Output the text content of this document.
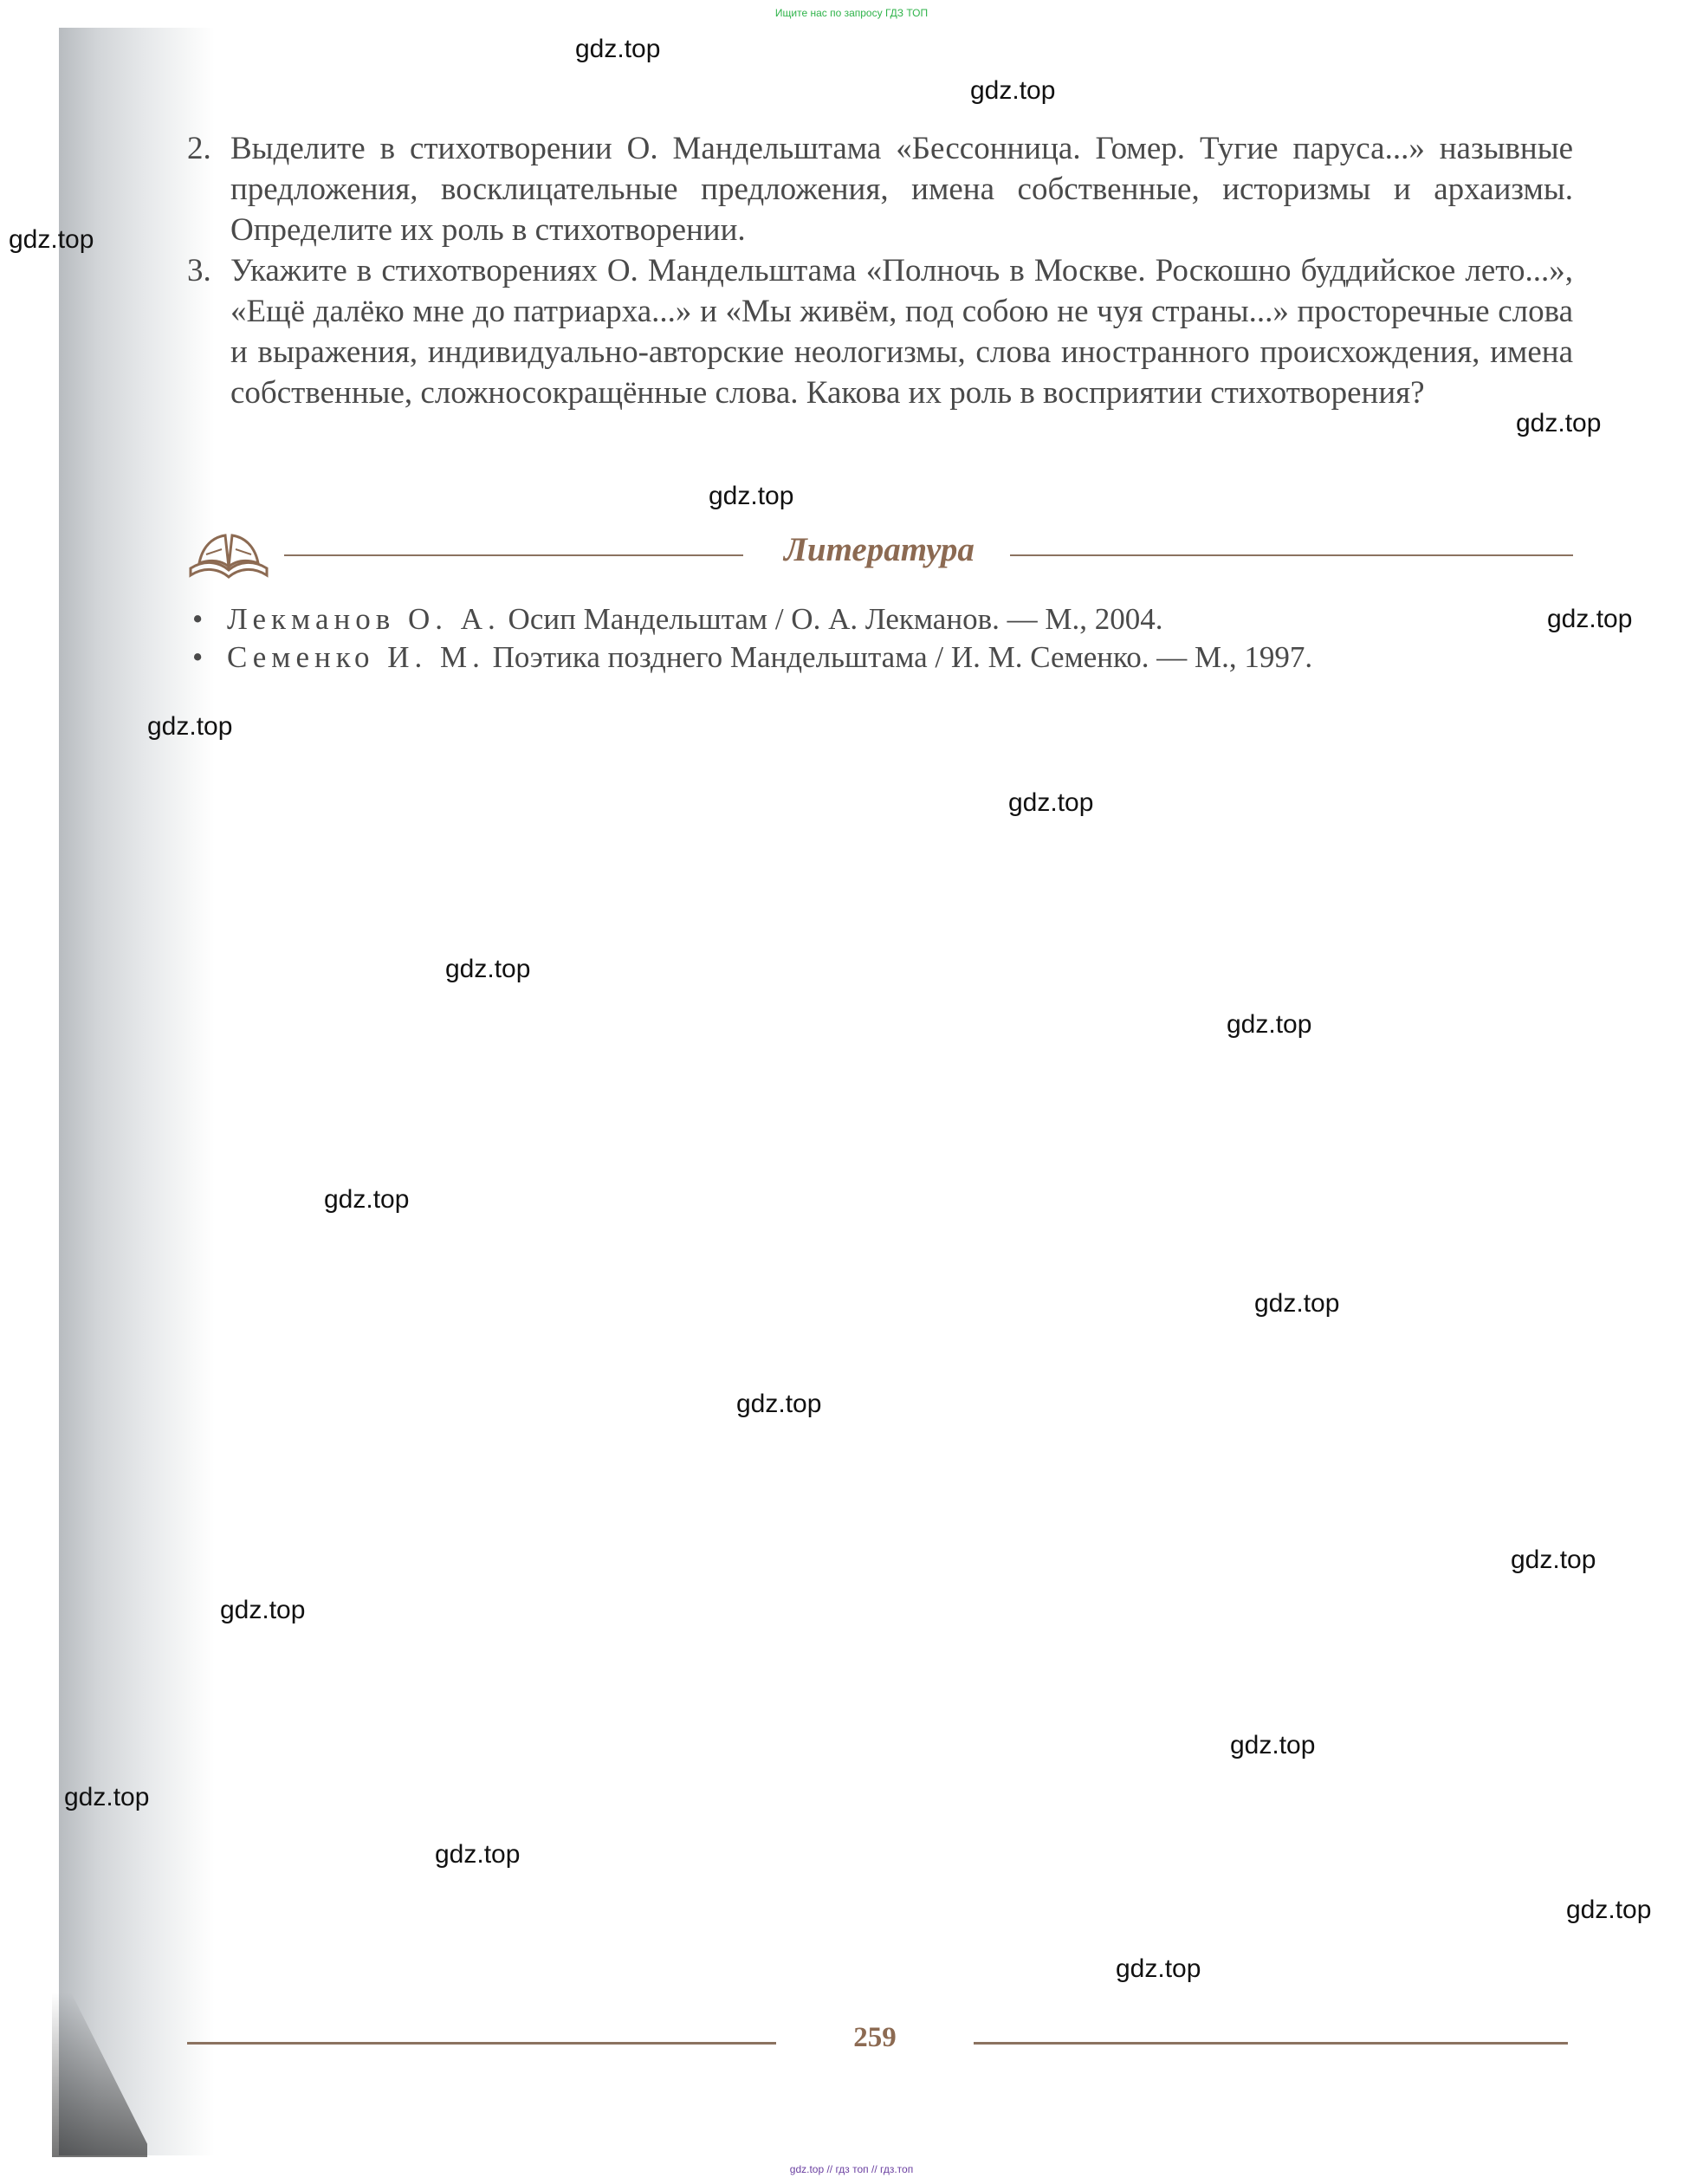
Ищите нас по запросу ГДЗ ТОП

2. Выделите в стихотворении О. Мандельштама «Бессонница. Гомер. Тугие паруса...» назывные предложения, восклицательные предложения, имена собственные, историзмы и архаизмы. Определите их роль в стихотворении.

3. Укажите в стихотворениях О. Мандельштама «Полночь в Москве. Роскошно буддийское лето...», «Ещё далёко мне до патриарха...» и «Мы живём, под собою не чуя страны...» просторечные слова и выражения, индивидуально-авторские неологизмы, слова иностранного происхождения, имена собственные, сложносокращённые слова. Какова их роль в восприятии стихотворения?

Литература
• Лекманов О. А. Осип Мандельштам / О. А. Лекманов. — М., 2004.
• Семенко И. М. Поэтика позднего Мандельштама / И. М. Семенко. — М., 1997.
259
gdz.top // гдз топ // гдз.топ
gdz.top
gdz.top
gdz.top
gdz.top
gdz.top
gdz.top
gdz.top
gdz.top
gdz.top
gdz.top
gdz.top
gdz.top
gdz.top
gdz.top
gdz.top
gdz.top
gdz.top
gdz.top
gdz.top
gdz.top
